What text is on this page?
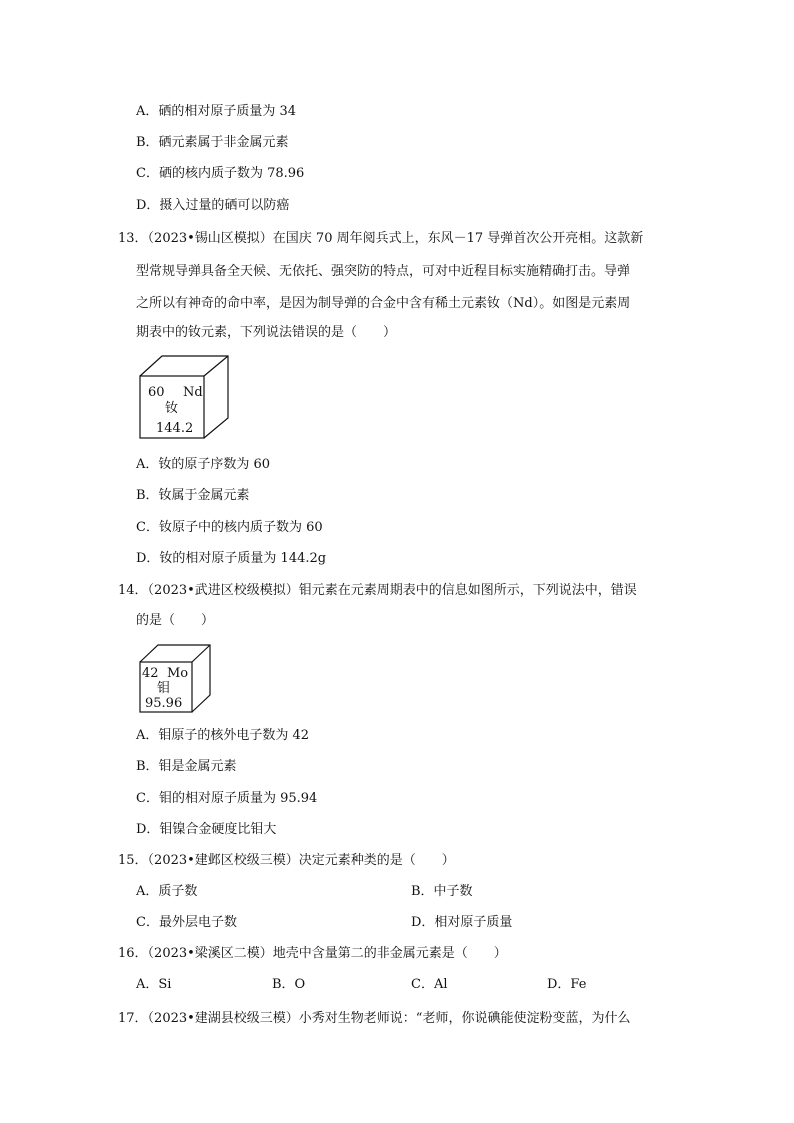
A．硒的相对原子质量为 34
B．硒元素属于非金属元素
C．硒的核内质子数为 78.96
D．摄入过量的硒可以防癌
13．（2023•锡山区模拟）在国庆 70 周年阅兵式上，东风－17 导弹首次公开亮相。这款新
型常规导弹具备全天候、无依托、强突防的特点，可对中近程目标实施精确打击。导弹
之所以有神奇的命中率，是因为制导弹的合金中含有稀土元素钕（Nd）。如图是元素周
期表中的钕元素，下列说法错误的是（　　）
60 Nd
钕
144.2
A．钕的原子序数为 60
B．钕属于金属元素
C．钕原子中的核内质子数为 60
D．钕的相对原子质量为 144.2g
14．（2023•武进区校级模拟）钼元素在元素周期表中的信息如图所示，下列说法中，错误
的是（　　）
42 Mo
钼
95.96
A．钼原子的核外电子数为 42
B．钼是金属元素
C．钼的相对原子质量为 95.94
D．钼镍合金硬度比钼大
15．（2023•建邺区校级三模）决定元素种类的是（　　）
A．质子数	B．中子数
C．最外层电子数	D．相对原子质量
16．（2023•梁溪区二模）地壳中含量第二的非金属元素是（　　）
A．Si	B．O	C．Al	D．Fe
17．（2023•建湖县校级三模）小秀对生物老师说：“老师，你说碘能使淀粉变蓝，为什么
